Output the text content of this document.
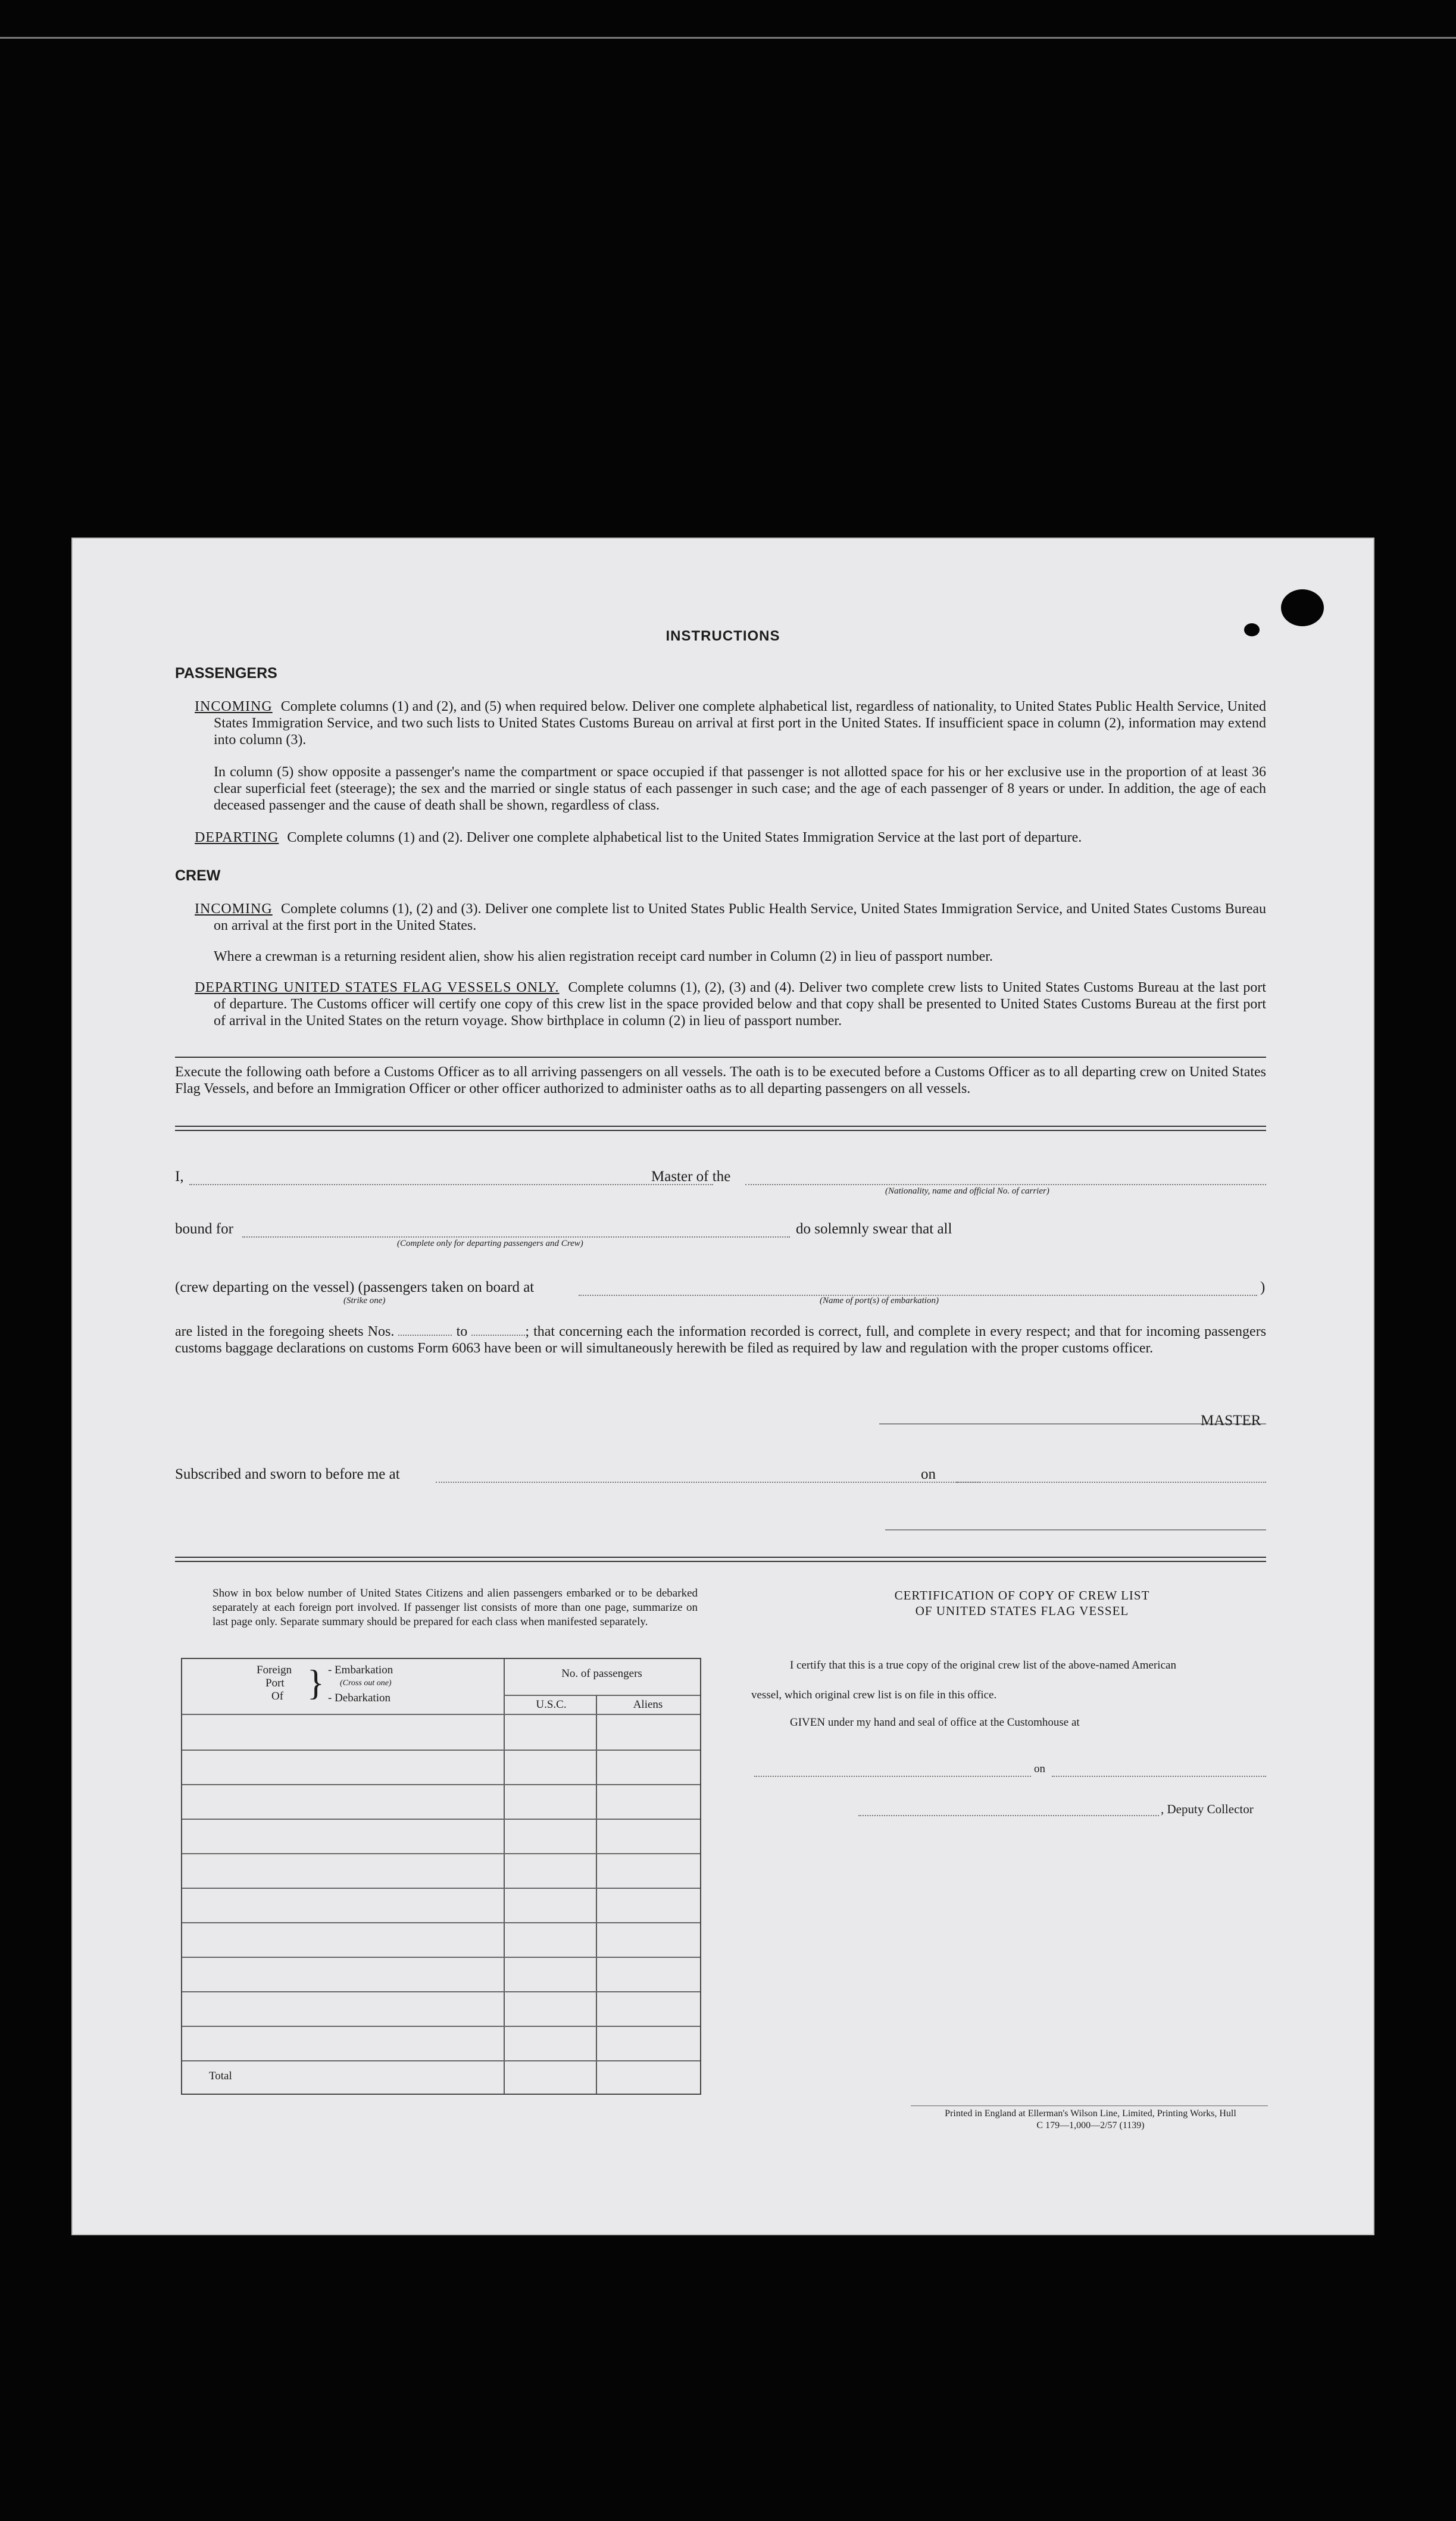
INSTRUCTIONS
PASSENGERS
INCOMING Complete columns (1) and (2), and (5) when required below. Deliver one complete alphabetical list, regardless of nationality, to United States Public Health Service, United States Immigration Service, and two such lists to United States Customs Bureau on arrival at first port in the United States. If insufficient space in column (2), information may extend into column (3).
In column (5) show opposite a passenger's name the compartment or space occupied if that passenger is not allotted space for his or her exclusive use in the proportion of at least 36 clear superficial feet (steerage); the sex and the married or single status of each passenger in such case; and the age of each passenger of 8 years or under. In addition, the age of each deceased passenger and the cause of death shall be shown, regardless of class.
DEPARTING Complete columns (1) and (2). Deliver one complete alphabetical list to the United States Immigration Service at the last port of departure.
CREW
INCOMING Complete columns (1), (2) and (3). Deliver one complete list to United States Public Health Service, United States Immigration Service, and United States Customs Bureau on arrival at the first port in the United States.
Where a crewman is a returning resident alien, show his alien registration receipt card number in Column (2) in lieu of passport number.
DEPARTING UNITED STATES FLAG VESSELS ONLY. Complete columns (1), (2), (3) and (4). Deliver two complete crew lists to United States Customs Bureau at the last port of departure. The Customs officer will certify one copy of this crew list in the space provided below and that copy shall be presented to United States Customs Bureau at the first port of arrival in the United States on the return voyage. Show birthplace in column (2) in lieu of passport number.
Execute the following oath before a Customs Officer as to all arriving passengers on all vessels. The oath is to be executed before a Customs Officer as to all departing crew on United States Flag Vessels, and before an Immigration Officer or other officer authorized to administer oaths as to all departing passengers on all vessels.
I,	Master of the
(Nationality, name and official No. of carrier)
bound for
(Complete only for departing passengers and Crew)
do solemnly swear that all
(crew departing on the vessel) (passengers taken on board at
(Strike one)	(Name of port(s) of embarkation)
)
are listed in the foregoing sheets Nos.	to	; that concerning each the information recorded is correct, full, and complete in every respect; and that for incoming passengers customs baggage declarations on customs Form 6063 have been or will simultaneously herewith be filed as required by law and regulation with the proper customs officer.
MASTER
Subscribed and sworn to before me at	on
Show in box below number of United States Citizens and alien passengers embarked or to be debarked separately at each foreign port involved. If passenger list consists of more than one page, summarize on last page only. Separate summary should be prepared for each class when manifested separately.
Foreign
Port
Of } - Embarkation
(Cross out one)
- Debarkation
No. of passengers
U.S.C.	Aliens
Total
CERTIFICATION OF COPY OF CREW LIST
OF UNITED STATES FLAG VESSEL
I certify that this is a true copy of the original crew list of the above-named American
vessel, which original crew list is on file in this office.
GIVEN under my hand and seal of office at the Customhouse at
on
, Deputy Collector
Printed in England at Ellerman's Wilson Line, Limited, Printing Works, Hull
C 179—1,000—2/57 (1139)
